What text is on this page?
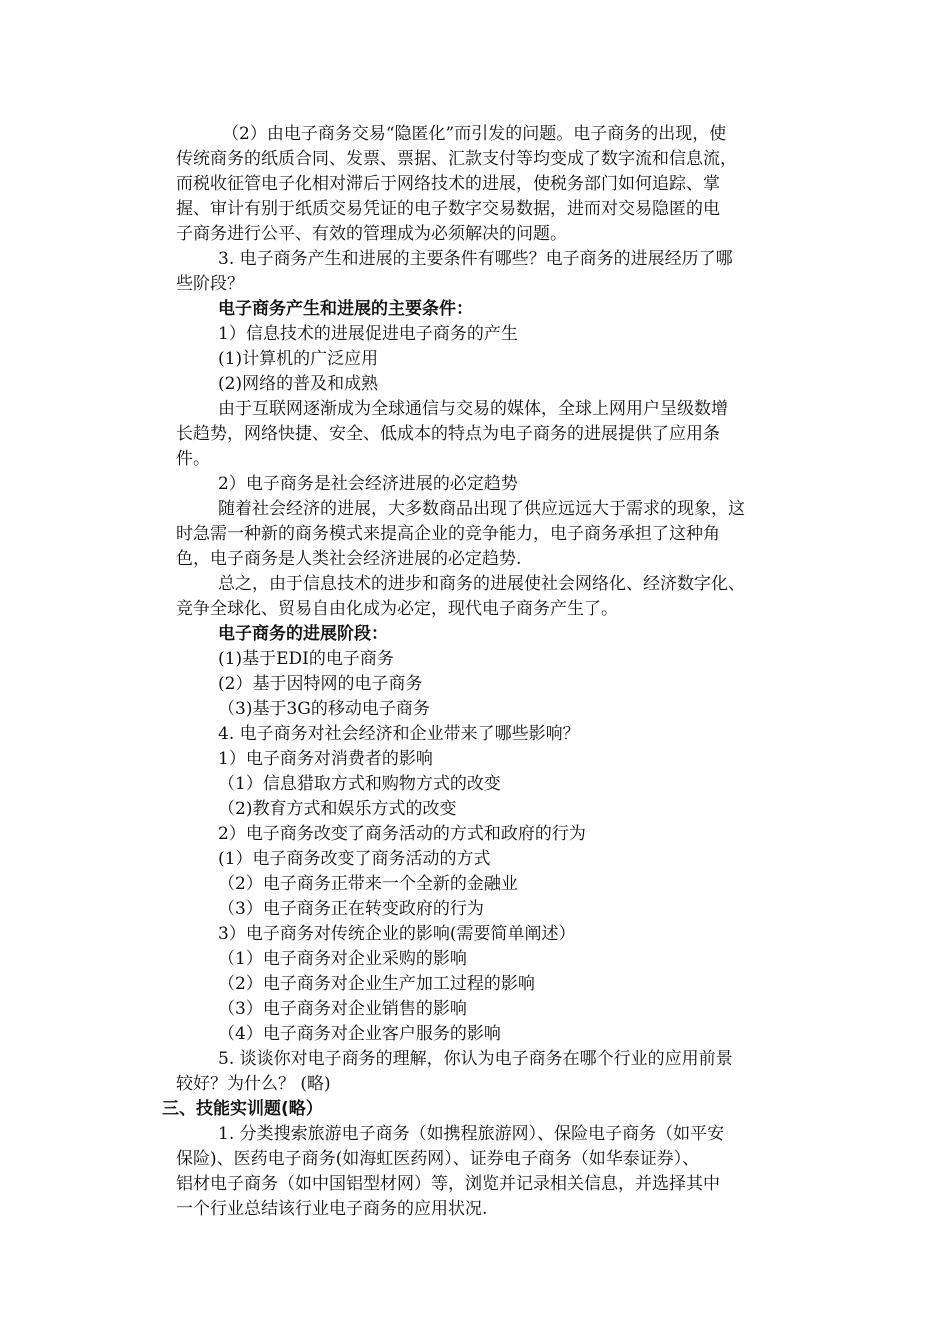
（2）由电子商务交易“隐匿化”而引发的问题。电子商务的出现，使
传统商务的纸质合同、发票、票据、汇款支付等均变成了数字流和信息流，
而税收征管电子化相对滞后于网络技术的进展，使税务部门如何追踪、掌
握、审计有别于纸质交易凭证的电子数字交易数据，进而对交易隐匿的电
子商务进行公平、有效的管理成为必须解决的问题。
3. 电子商务产生和进展的主要条件有哪些？电子商务的进展经历了哪
些阶段？
电子商务产生和进展的主要条件：
1）信息技术的进展促进电子商务的产生
(1)计算机的广泛应用
(2)网络的普及和成熟
由于互联网逐渐成为全球通信与交易的媒体，全球上网用户呈级数增
长趋势，网络快捷、安全、低成本的特点为电子商务的进展提供了应用条
件。
2）电子商务是社会经济进展的必定趋势
随着社会经济的进展，大多数商品出现了供应远远大于需求的现象，这
时急需一种新的商务模式来提高企业的竞争能力，电子商务承担了这种角
色，电子商务是人类社会经济进展的必定趋势.
总之，由于信息技术的进步和商务的进展使社会网络化、经济数字化、
竞争全球化、贸易自由化成为必定，现代电子商务产生了。
电子商务的进展阶段：
(1)基于EDI的电子商务
(2）基于因特网的电子商务
（3)基于3G的移动电子商务
4. 电子商务对社会经济和企业带来了哪些影响？
1）电子商务对消费者的影响
（1）信息猎取方式和购物方式的改变
（2)教育方式和娱乐方式的改变
2）电子商务改变了商务活动的方式和政府的行为
(1）电子商务改变了商务活动的方式
（2）电子商务正带来一个全新的金融业
（3）电子商务正在转变政府的行为
3）电子商务对传统企业的影响(需要简单阐述）
（1）电子商务对企业采购的影响
（2）电子商务对企业生产加工过程的影响
（3）电子商务对企业销售的影响
（4）电子商务对企业客户服务的影响
5. 谈谈你对电子商务的理解，你认为电子商务在哪个行业的应用前景
较好？为什么？ (略)
三、技能实训题(略）
1. 分类搜索旅游电子商务（如携程旅游网）、保险电子商务（如平安
保险)、医药电子商务(如海虹医药网）、证券电子商务（如华泰证券）、
铝材电子商务（如中国铝型材网）等，浏览并记录相关信息，并选择其中
一个行业总结该行业电子商务的应用状况.
